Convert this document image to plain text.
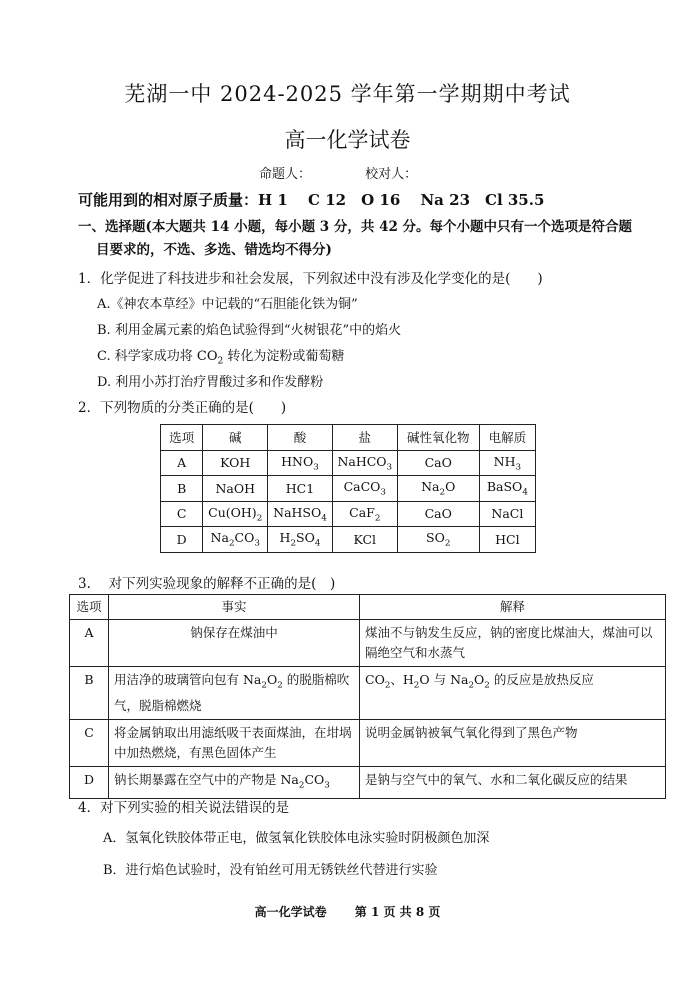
芜湖一中 2024-2025 学年第一学期期中考试
高一化学试卷
命题人：	校对人：
可能用到的相对原子质量：H 1　 C 12　O 16　 Na 23　Cl 35.5
一、选择题(本大题共 14 小题，每小题 3 分，共 42 分。每个小题中只有一个选项是符合题
目要求的，不选、多选、错选均不得分)
1．化学促进了科技进步和社会发展，下列叙述中没有涉及化学变化的是(　　)
A.《神农本草经》中记载的“石胆能化铁为铜”
B. 利用金属元素的焰色试验得到“火树银花”中的焰火
C. 科学家成功将 $CO_2$ 转化为淀粉或葡萄糖
D. 利用小苏打治疗胃酸过多和作发酵粉
2．下列物质的分类正确的是(　　)
选项	碱	酸	盐	碱性氧化物	电解质
A	KOH	$HNO_3$	NaHCO$_3$	CaO	$NH_3$
B	NaOH	HC1	CaCO$_3$	$Na_2O$	BaSO$_4$
C	$Cu(OH)_2$	NaHSO$_4$	CaF$_2$	CaO	NaCl
D	$Na_2CO_3$	$H_2SO_4$	KCl	$SO_2$	HCl
3.　 对下列实验现象的解释不正确的是(　)
选项	事实	解释
A	钠保存在煤油中	煤油不与钠发生反应，钠的密度比煤油大，煤油可以隔绝空气和水蒸气
B	用洁净的玻璃管向包有 $Na_2O_2$ 的脱脂棉吹气，脱脂棉燃烧	$CO_2$、$H_2O$ 与 $Na_2O_2$ 的反应是放热反应
C	将金属钠取出用滤纸吸干表面煤油，在坩埚中加热燃烧，有黑色固体产生	说明金属钠被氧气氧化得到了黑色产物
D	钠长期暴露在空气中的产物是 $Na_2CO_3$	是钠与空气中的氧气、水和二氧化碳反应的结果
4．对下列实验的相关说法错误的是
A．氢氧化铁胶体带正电，做氢氧化铁胶体电泳实验时阴极颜色加深
B．进行焰色试验时，没有铂丝可用无锈铁丝代替进行实验
高一化学试卷 第 1 页 共 8 页
